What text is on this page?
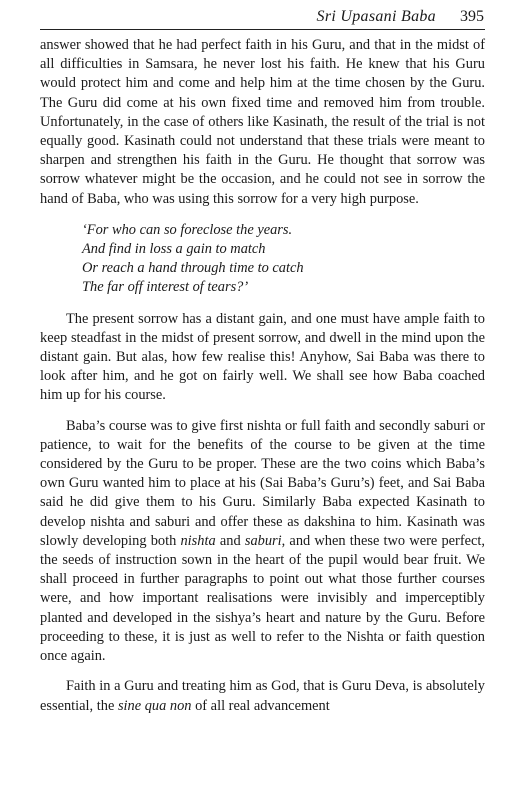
Sri Upasani Baba 395

answer showed that he had perfect faith in his Guru, and that in the midst of all difficulties in Samsara, he never lost his faith. He knew that his Guru would protect him and come and help him at the time chosen by the Guru. The Guru did come at his own fixed time and removed him from trouble. Unfortunately, in the case of others like Kasinath, the result of the trial is not equally good. Kasinath could not understand that these trials were meant to sharpen and strengthen his faith in the Guru. He thought that sorrow was sorrow whatever might be the occasion, and he could not see in sorrow the hand of Baba, who was using this sorrow for a very high purpose.

‘For who can so foreclose the years.
And find in loss a gain to match
Or reach a hand through time to catch
The far off interest of tears?’

The present sorrow has a distant gain, and one must have ample faith to keep steadfast in the midst of present sorrow, and dwell in the mind upon the distant gain. But alas, how few realise this! Anyhow, Sai Baba was there to look after him, and he got on fairly well. We shall see how Baba coached him up for his course.

Baba’s course was to give first nishta or full faith and secondly saburi or patience, to wait for the benefits of the course to be given at the time considered by the Guru to be proper. These are the two coins which Baba’s own Guru wanted him to place at his (Sai Baba’s Guru’s) feet, and Sai Baba said he did give them to his Guru. Similarly Baba expected Kasinath to develop nishta and saburi and offer these as dakshina to him. Kasinath was slowly developing both nishta and saburi, and when these two were perfect, the seeds of instruction sown in the heart of the pupil would bear fruit. We shall proceed in further paragraphs to point out what those further courses were, and how important realisations were invisibly and imperceptibly planted and developed in the sishya’s heart and nature by the Guru. Before proceeding to these, it is just as well to refer to the Nishta or faith question once again.

Faith in a Guru and treating him as God, that is Guru Deva, is absolutely essential, the sine qua non of all real advancement
